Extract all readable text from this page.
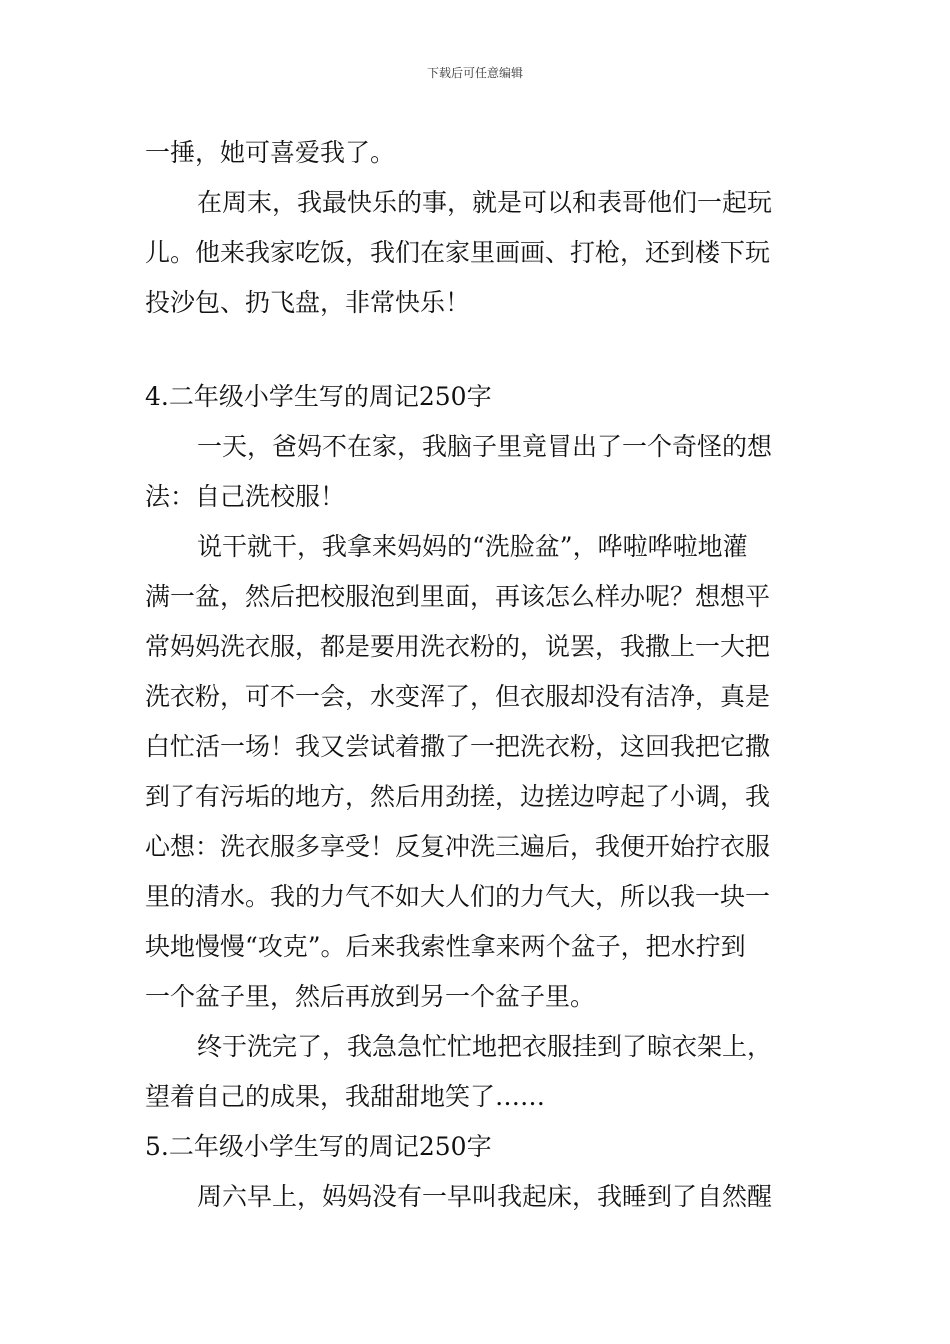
下载后可任意编辑
一捶，她可喜爱我了。
在周末，我最快乐的事，就是可以和表哥他们一起玩
儿。他来我家吃饭，我们在家里画画、打枪，还到楼下玩
投沙包、扔飞盘，非常快乐！
4.二年级小学生写的周记250字
一天，爸妈不在家，我脑子里竟冒出了一个奇怪的想
法：自己洗校服！
说干就干，我拿来妈妈的“洗脸盆”，哗啦哗啦地灌
满一盆，然后把校服泡到里面，再该怎么样办呢？想想平
常妈妈洗衣服，都是要用洗衣粉的，说罢，我撒上一大把
洗衣粉，可不一会，水变浑了，但衣服却没有洁净，真是
白忙活一场！我又尝试着撒了一把洗衣粉，这回我把它撒
到了有污垢的地方，然后用劲搓，边搓边哼起了小调，我
心想：洗衣服多享受！反复冲洗三遍后，我便开始拧衣服
里的清水。我的力气不如大人们的力气大，所以我一块一
块地慢慢“攻克”。后来我索性拿来两个盆子，把水拧到
一个盆子里，然后再放到另一个盆子里。
终于洗完了，我急急忙忙地把衣服挂到了晾衣架上，
望着自己的成果，我甜甜地笑了……
5.二年级小学生写的周记250字
周六早上，妈妈没有一早叫我起床，我睡到了自然醒
